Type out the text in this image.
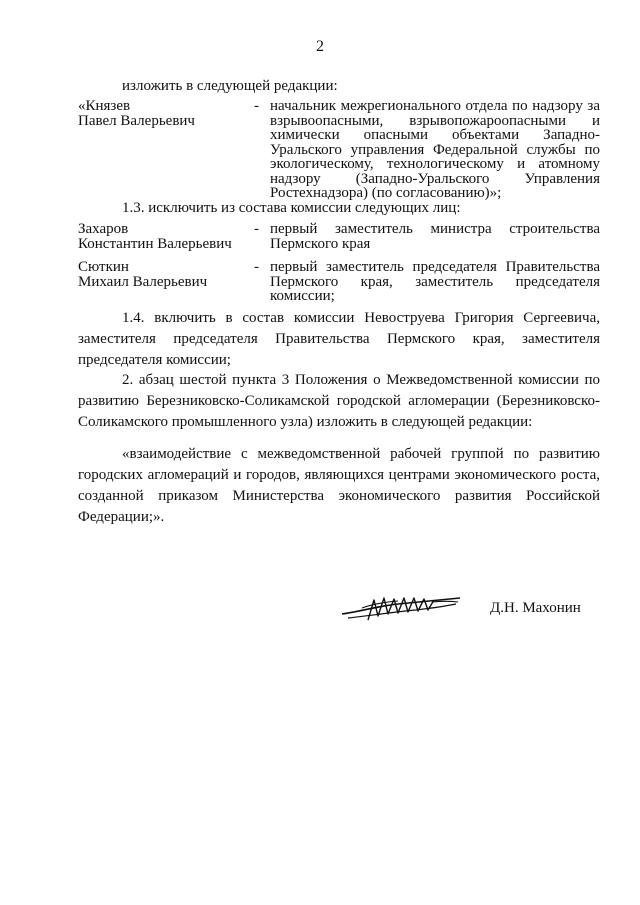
2

изложить в следующей редакции:

«Князев
Павел Валерьевич
- начальник межрегионального отдела по надзору за взрывоопасными, взрывопожароопасными и химически опасными объектами Западно-Уральского управления Федеральной службы по экологическому, технологическому и атомному надзору (Западно-Уральского Управления Ростехнадзора) (по согласованию)»;

1.3. исключить из состава комиссии следующих лиц:

Захаров
Константин Валерьевич
- первый заместитель министра строительства Пермского края
Сюткин
Михаил Валерьевич
- первый заместитель председателя Правительства Пермского края, заместитель председателя комиссии;

1.4. включить в состав комиссии Невоструева Григория Сергеевича, заместителя председателя Правительства Пермского края, заместителя председателя комиссии;

2. абзац шестой пункта 3 Положения о Межведомственной комиссии по развитию Березниковско-Соликамской городской агломерации (Березниковско-Соликамского промышленного узла) изложить в следующей редакции:

«взаимодействие с межведомственной рабочей группой по развитию городских агломераций и городов, являющихся центрами экономического роста, созданной приказом Министерства экономического развития Российской Федерации;».

Д.Н. Махонин
